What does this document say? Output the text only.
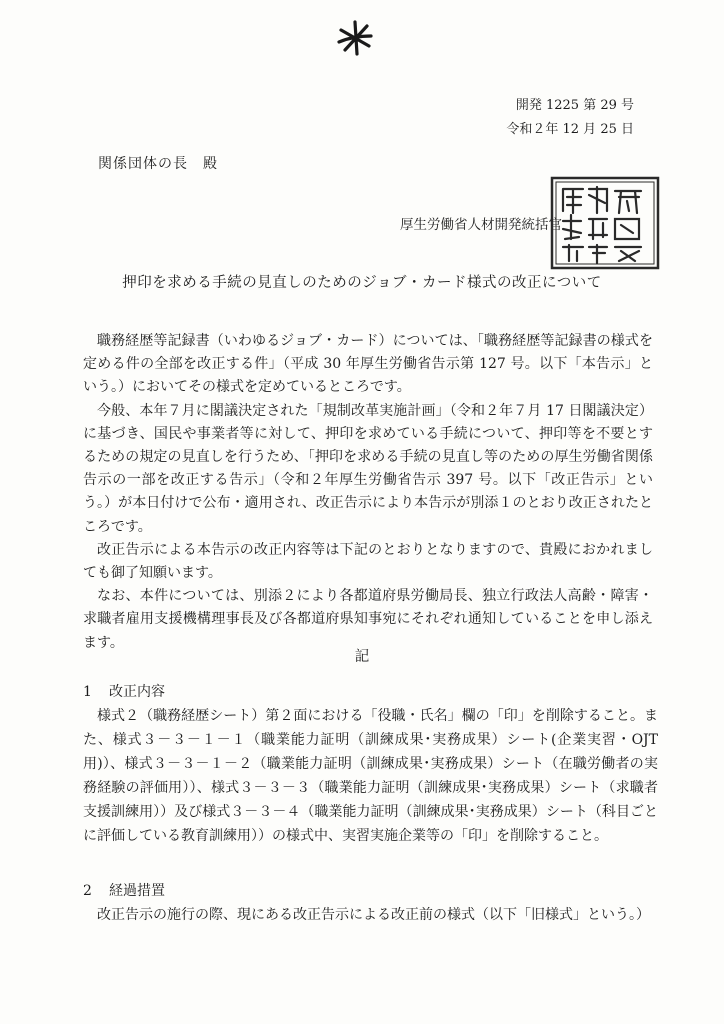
開発 1225 第 29 号
令和２年 12 月 25 日
関係団体の長　殿
厚生労働省人材開発統括官
押印を求める手続の見直しのためのジョブ・カード様式の改正について

職務経歴等記録書（いわゆるジョブ・カード）については、「職務経歴等記録書の様式を定める件の全部を改正する件」（平成 30 年厚生労働省告示第 127 号。以下「本告示」という。）においてその様式を定めているところです。

今般、本年７月に閣議決定された「規制改革実施計画」（令和２年７月 17 日閣議決定）に基づき、国民や事業者等に対して、押印を求めている手続について、押印等を不要とするための規定の見直しを行うため、「押印を求める手続の見直し等のための厚生労働省関係告示の一部を改正する告示」（令和２年厚生労働省告示 397 号。以下「改正告示」という。）が本日付けで公布・適用され、改正告示により本告示が別添１のとおり改正されたところです。

改正告示による本告示の改正内容等は下記のとおりとなりますので、貴殿におかれましても御了知願います。

なお、本件については、別添２により各都道府県労働局長、独立行政法人高齢・障害・求職者雇用支援機構理事長及び各都道府県知事宛にそれぞれ通知していることを申し添えます。

記
1 改正内容

様式２（職務経歴シート）第２面における「役職・氏名」欄の「印」を削除すること。また、様式３－３－１－１（職業能力証明（訓練成果･実務成果）シート(企業実習・OJT用)）、様式３－３－１－２（職業能力証明（訓練成果･実務成果）シート（在職労働者の実務経験の評価用））、様式３－３－３（職業能力証明（訓練成果･実務成果）シート（求職者支援訓練用））及び様式３－３－４（職業能力証明（訓練成果･実務成果）シート（科目ごとに評価している教育訓練用））の様式中、実習実施企業等の「印」を削除すること。

2 経過措置

改正告示の施行の際、現にある改正告示による改正前の様式（以下「旧様式」という。）
